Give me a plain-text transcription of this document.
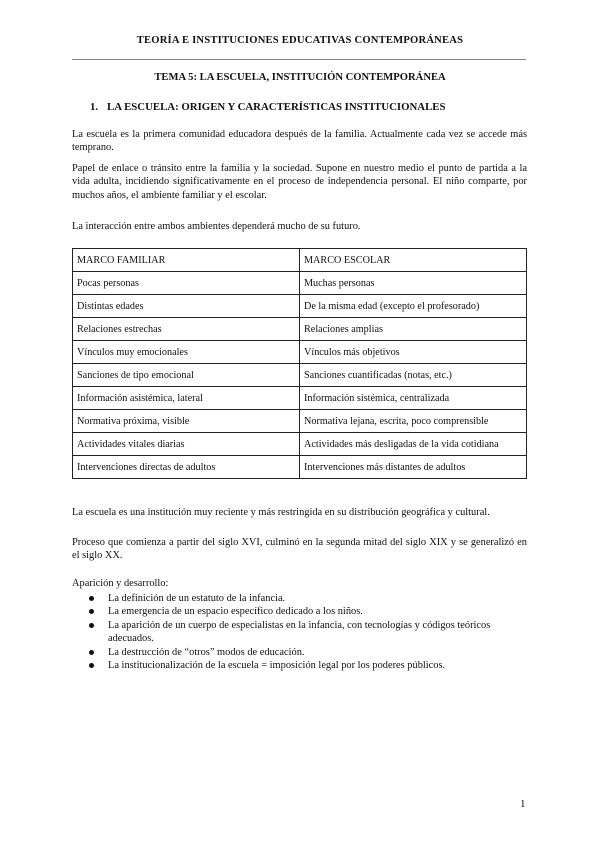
TEORÍA E INSTITUCIONES EDUCATIVAS CONTEMPORÁNEAS
TEMA 5: LA ESCUELA, INSTITUCIÓN CONTEMPORÁNEA
1. LA ESCUELA: ORIGEN Y CARACTERÍSTICAS INSTITUCIONALES
La escuela es la primera comunidad educadora después de la familia. Actualmente cada vez se accede más temprano.
Papel de enlace o tránsito entre la familia y la sociedad. Supone en nuestro medio el punto de partida a la vida adulta, incidiendo significativamente en el proceso de independencia personal. El niño comparte, por muchos años, el ambiente familiar y el escolar.
La interacción entre ambos ambientes dependerá mucho de su futuro.
MARCO FAMILIAR	MARCO ESCOLAR
Pocas personas	Muchas personas
Distintas edades	De la misma edad (excepto el profesorado)
Relaciones estrechas	Relaciones amplias
Vínculos muy emocionales	Vínculos más objetivos
Sanciones de tipo emocional	Sanciones cuantificadas (notas, etc.)
Información asistémica, lateral	Información sistémica, centralizada
Normativa próxima, visible	Normativa lejana, escrita, poco comprensible
Actividades vitales diarias	Actividades más desligadas de la vida cotidiana
Intervenciones directas de adultos	Intervenciones más distantes de adultos
La escuela es una institución muy reciente y más restringida en su distribución geográfica y cultural.
Proceso que comienza a partir del siglo XVI, culminó en la segunda mitad del siglo XIX y se generalizó en el siglo XX.
Aparición y desarrollo:
La definición de un estatuto de la infancia.
La emergencia de un espacio específico dedicado a los niños.
La aparición de un cuerpo de especialistas en la infancia, con tecnologías y códigos teóricos adecuados.
La destrucción de “otros” modos de educación.
La institucionalización de la escuela = imposición legal por los poderes públicos.
1
